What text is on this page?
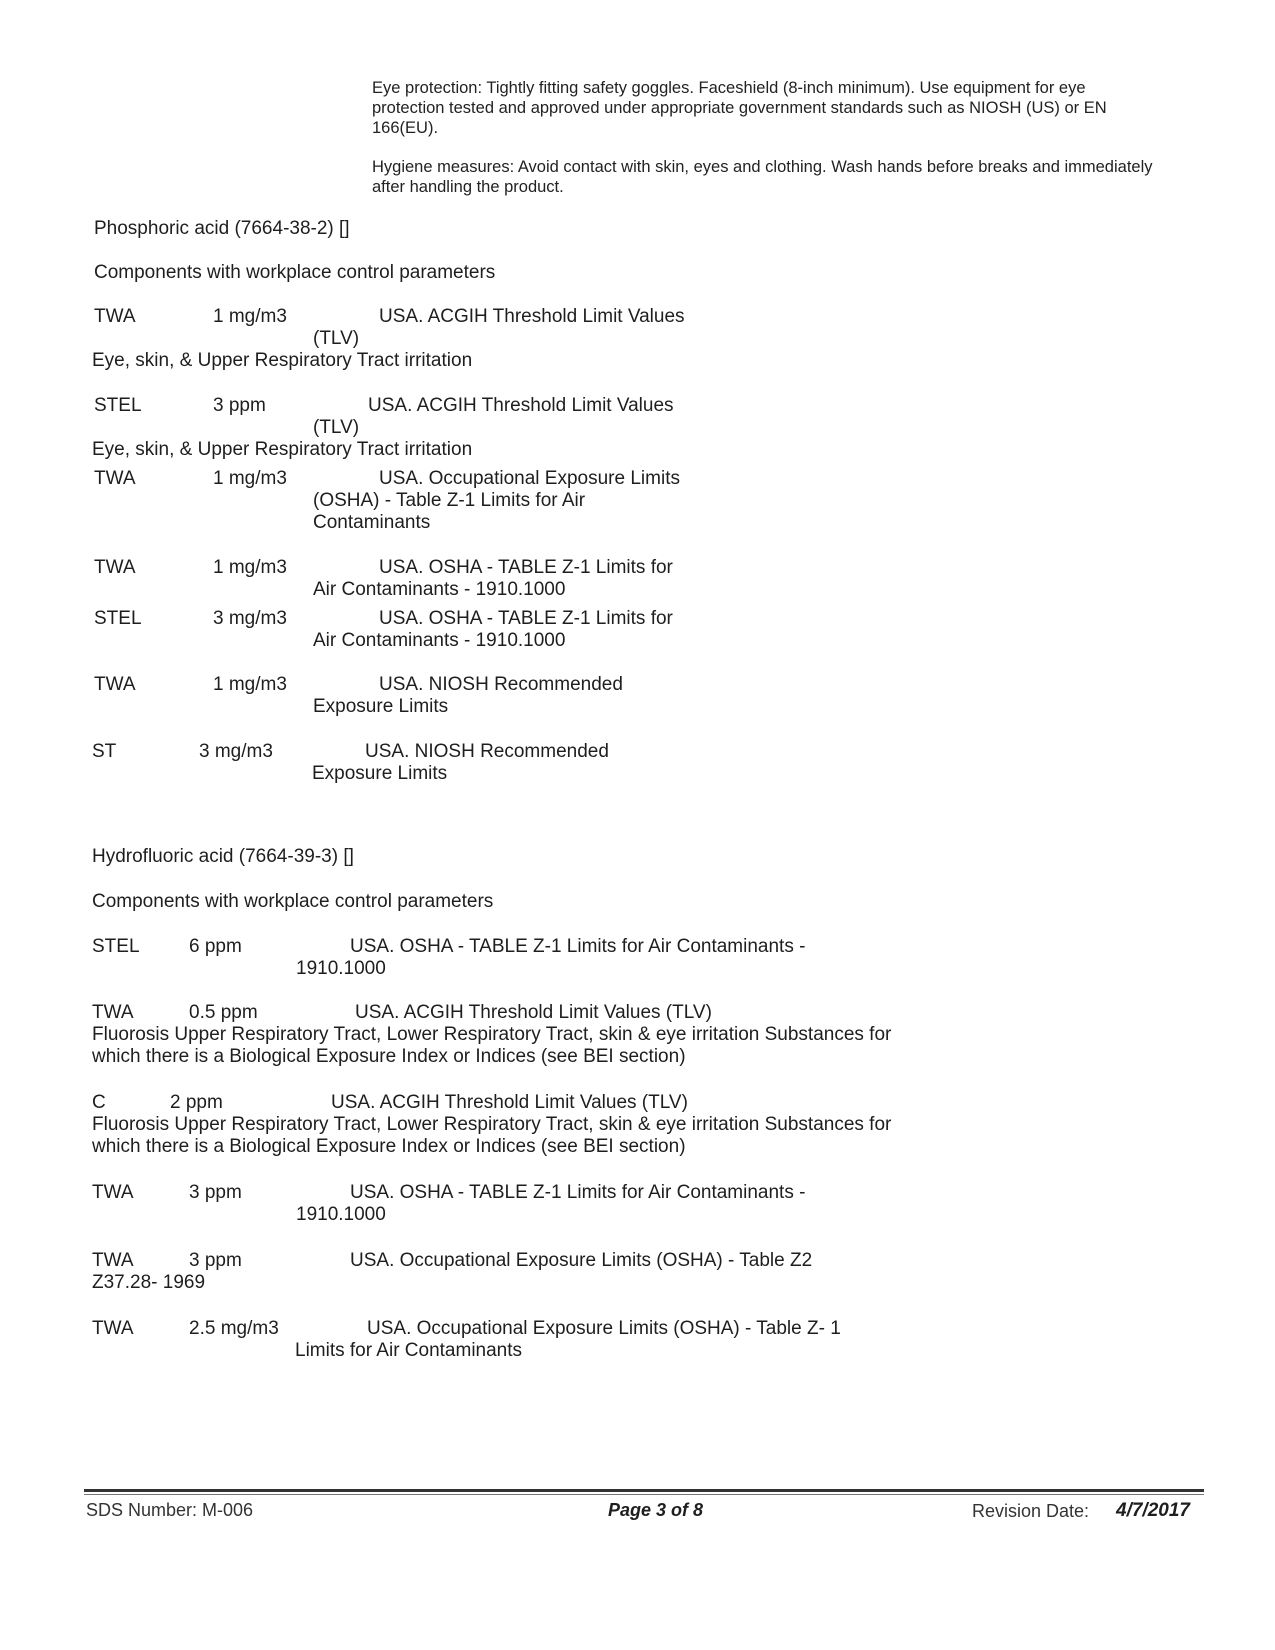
Eye protection: Tightly fitting safety goggles. Faceshield (8-inch minimum). Use equipment for eye protection tested and approved under appropriate government standards such as NIOSH (US) or EN 166(EU).
Hygiene measures: Avoid contact with skin, eyes and clothing. Wash hands before breaks and immediately after handling the product.
Phosphoric acid (7664-38-2) []
Components with workplace control parameters
TWA	1 mg/m3	USA. ACGIH Threshold Limit Values
(TLV)
Eye, skin, & Upper Respiratory Tract irritation
STEL	3 ppm	USA. ACGIH Threshold Limit Values
(TLV)
Eye, skin, & Upper Respiratory Tract irritation
TWA	1 mg/m3	USA. Occupational Exposure Limits
(OSHA) - Table Z-1 Limits for Air
Contaminants
TWA	1 mg/m3	USA. OSHA - TABLE Z-1 Limits for
Air Contaminants - 1910.1000
STEL	3 mg/m3	USA. OSHA - TABLE Z-1 Limits for
Air Contaminants - 1910.1000
TWA	1 mg/m3	USA. NIOSH Recommended
Exposure Limits
ST	3 mg/m3	USA. NIOSH Recommended
Exposure Limits
Hydrofluoric acid (7664-39-3) []
Components with workplace control parameters
STEL	6 ppm	USA. OSHA - TABLE Z-1 Limits for Air Contaminants -
1910.1000
TWA	0.5 ppm	USA. ACGIH Threshold Limit Values (TLV)
Fluorosis Upper Respiratory Tract, Lower Respiratory Tract, skin & eye irritation Substances for
which there is a Biological Exposure Index or Indices (see BEI section)
C	2 ppm	USA. ACGIH Threshold Limit Values (TLV)
Fluorosis Upper Respiratory Tract, Lower Respiratory Tract, skin & eye irritation Substances for
which there is a Biological Exposure Index or Indices (see BEI section)
TWA	3 ppm	USA. OSHA - TABLE Z-1 Limits for Air Contaminants -
1910.1000
TWA	3 ppm	USA. Occupational Exposure Limits (OSHA) - Table Z2
Z37.28- 1969
TWA	2.5 mg/m3	USA. Occupational Exposure Limits (OSHA) - Table Z- 1
Limits for Air Contaminants
SDS Number: M-006	Page 3 of 8	Revision Date: 4/7/2017
